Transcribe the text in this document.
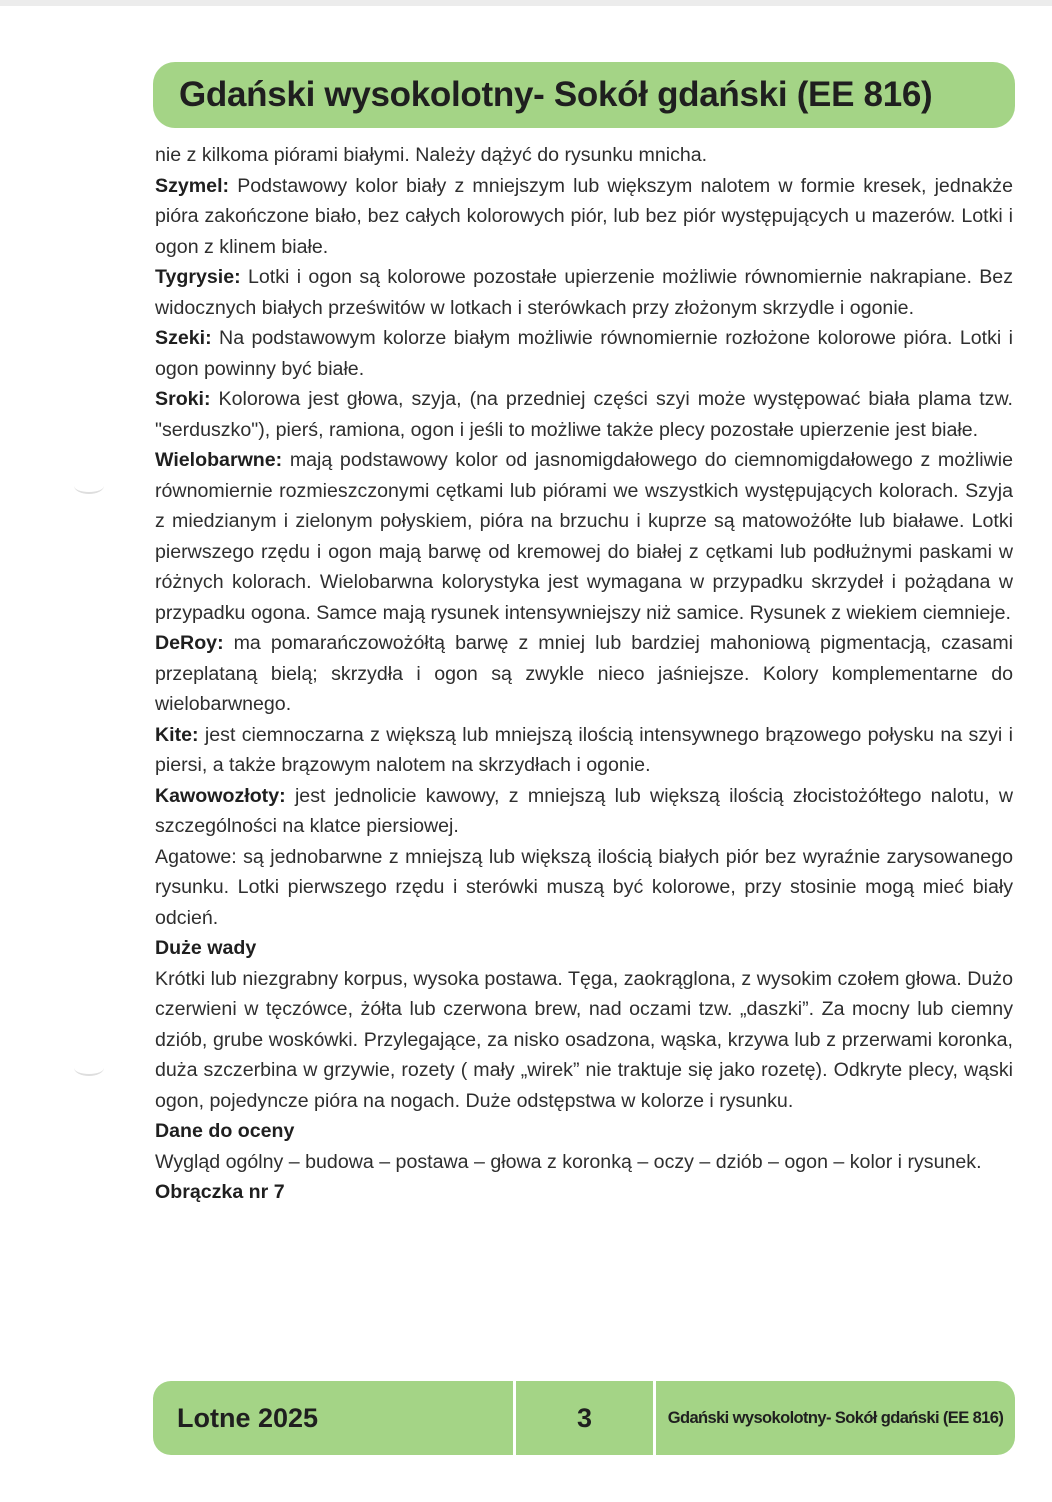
Gdański wysokolotny- Sokół gdański (EE 816)

nie z kilkoma piórami białymi. Należy dążyć do rysunku mnicha.

Szymel: Podstawowy kolor biały z mniejszym lub większym nalotem w formie kresek, jednakże pióra zakończone biało, bez całych kolorowych piór, lub bez piór występujących u mazerów. Lotki i ogon z klinem białe.

Tygrysie: Lotki i ogon są kolorowe pozostałe upierzenie możliwie równomiernie nakrapiane. Bez widocznych białych prześwitów w lotkach i sterówkach przy złożonym skrzydle i ogonie.

Szeki: Na podstawowym kolorze białym możliwie równomiernie rozłożone kolorowe pióra. Lotki i ogon powinny być białe.

Sroki: Kolorowa jest głowa, szyja, (na przedniej części szyi może występować biała plama tzw. "serduszko"), pierś, ramiona, ogon i jeśli to możliwe także plecy pozostałe upierzenie jest białe.

Wielobarwne: mają podstawowy kolor od jasnomigdałowego do ciemnomigdałowego z możliwie równomiernie rozmieszczonymi cętkami lub piórami we wszystkich występujących kolorach. Szyja z miedzianym i zielonym połyskiem, pióra na brzuchu i kuprze są matowożółte lub białawe. Lotki pierwszego rzędu i ogon mają barwę od kremowej do białej z cętkami lub podłużnymi paskami w różnych kolorach. Wielobarwna kolorystyka jest wymagana w przypadku skrzydeł i pożądana w przypadku ogona. Samce mają rysunek intensywniejszy niż samice. Rysunek z wiekiem ciemnieje.

DeRoy: ma pomarańczowożółtą barwę z mniej lub bardziej mahoniową pigmentacją, czasami przeplataną bielą; skrzydła i ogon są zwykle nieco jaśniejsze. Kolory komplementarne do wielobarwnego.

Kite: jest ciemnoczarna z większą lub mniejszą ilością intensywnego brązowego połysku na szyi i piersi, a także brązowym nalotem na skrzydłach i ogonie.

Kawowozłoty: jest jednolicie kawowy, z mniejszą lub większą ilością złocistożółtego nalotu, w szczególności na klatce piersiowej.

Agatowe: są jednobarwne z mniejszą lub większą ilością białych piór bez wyraźnie zarysowanego rysunku. Lotki pierwszego rzędu i sterówki muszą być kolorowe, przy stosinie mogą mieć biały odcień.

Duże wady

Krótki lub niezgrabny korpus, wysoka postawa. Tęga, zaokrąglona, z wysokim czołem głowa. Dużo czerwieni w tęczówce, żółta lub czerwona brew, nad oczami tzw. „daszki”. Za mocny lub ciemny dziób, grube woskówki. Przylegające, za nisko osadzona, wąska, krzywa lub z przerwami koronka, duża szczerbina w grzywie, rozety ( mały „wirek” nie traktuje się jako rozetę). Odkryte plecy, wąski ogon, pojedyncze pióra na nogach. Duże odstępstwa w kolorze i rysunku.

Dane do oceny

Wygląd ogólny – budowa – postawa – głowa z koronką – oczy – dziób – ogon – kolor i rysunek.

Obrączka nr 7
Lotne 2025	3	Gdański wysokolotny- Sokół gdański (EE 816)
